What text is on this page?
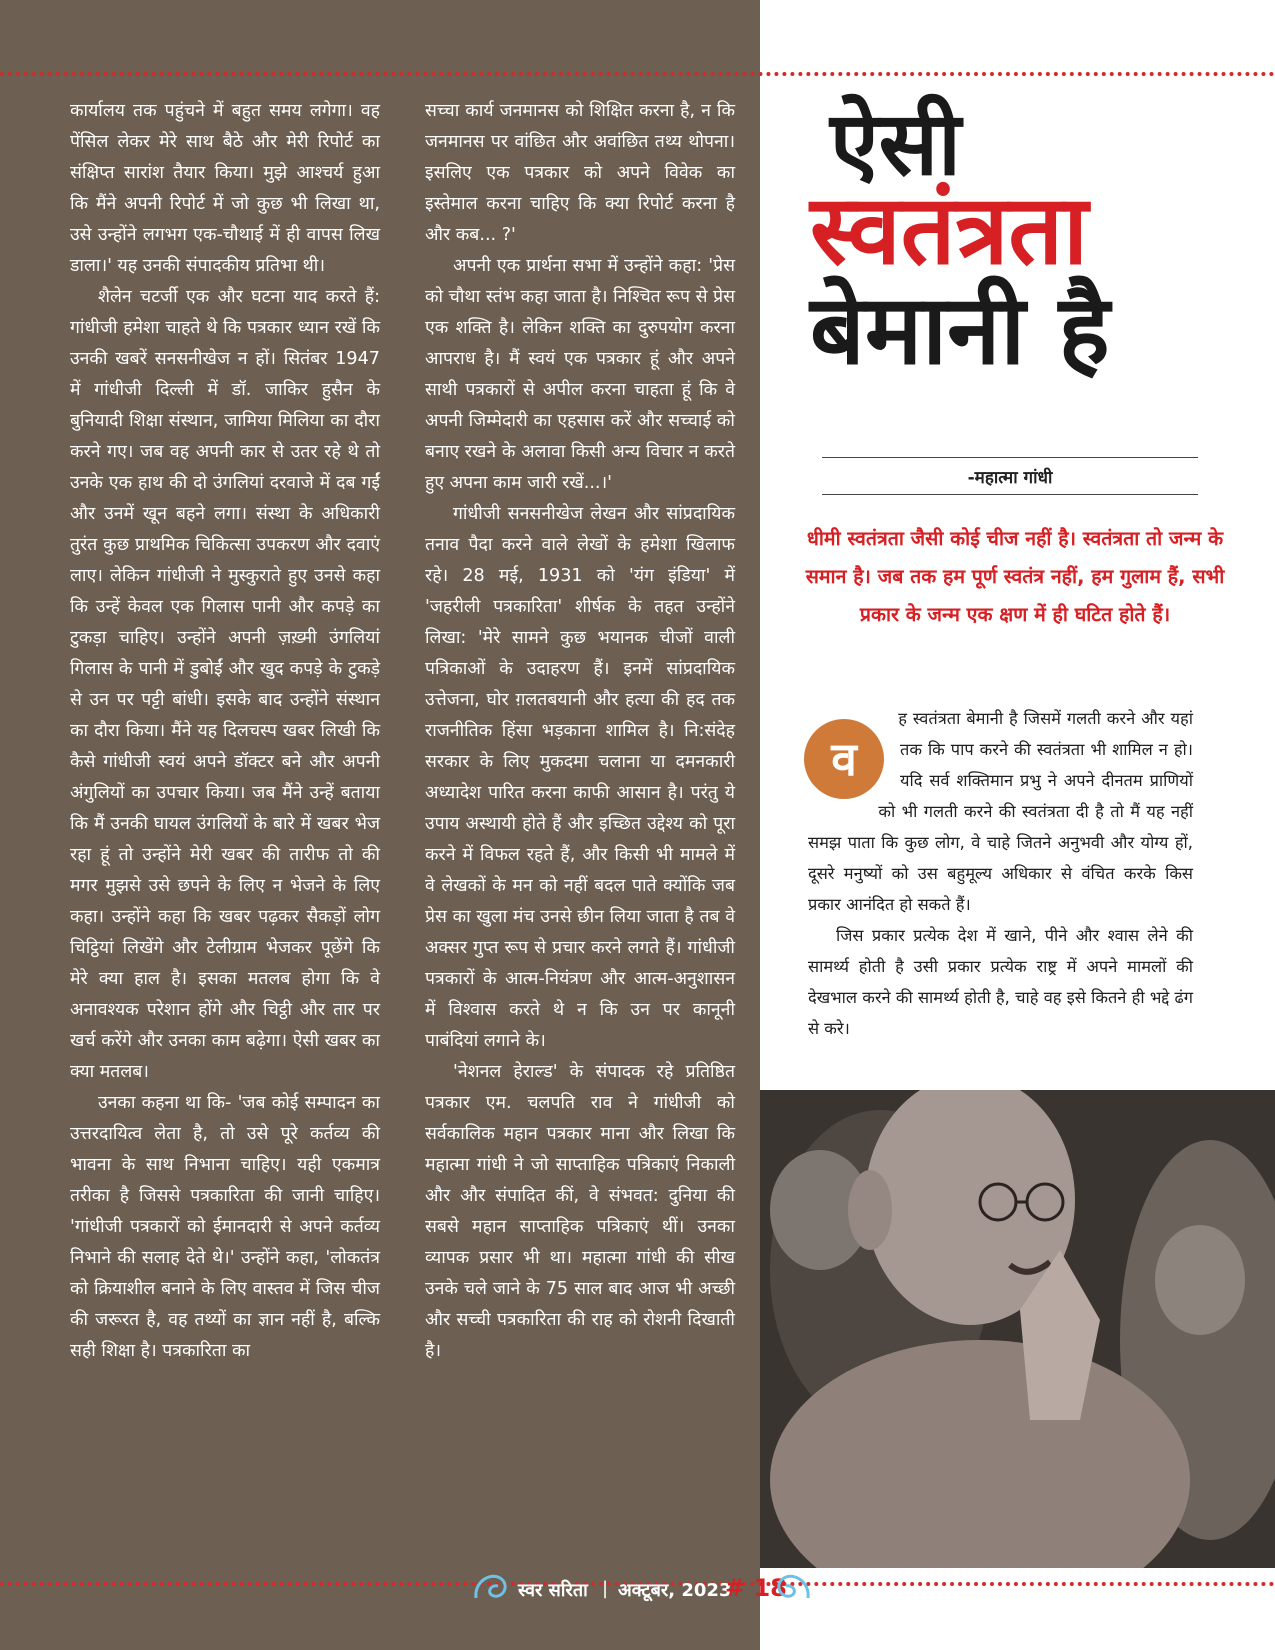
कार्यालय तक पहुंचने में बहुत समय लगेगा। वह पेंसिल लेकर मेरे साथ बैठे और मेरी रिपोर्ट का संक्षिप्त सारांश तैयार किया। मुझे आश्चर्य हुआ कि मैंने अपनी रिपोर्ट में जो कुछ भी लिखा था, उसे उन्होंने लगभग एक-चौथाई में ही वापस लिख डाला।' यह उनकी संपादकीय प्रतिभा थी।

शैलेन चटर्जी एक और घटना याद करते हैं: गांधीजी हमेशा चाहते थे कि पत्रकार ध्यान रखें कि उनकी खबरें सनसनीखेज न हों। सितंबर 1947 में गांधीजी दिल्ली में डॉ. जाकिर हुसैन के बुनियादी शिक्षा संस्थान, जामिया मिलिया का दौरा करने गए। जब वह अपनी कार से उतर रहे थे तो उनके एक हाथ की दो उंगलियां दरवाजे में दब गईं और उनमें खून बहने लगा। संस्था के अधिकारी तुरंत कुछ प्राथमिक चिकित्सा उपकरण और दवाएं लाए। लेकिन गांधीजी ने मुस्कुराते हुए उनसे कहा कि उन्हें केवल एक गिलास पानी और कपड़े का टुकड़ा चाहिए। उन्होंने अपनी ज़ख़्मी उंगलियां गिलास के पानी में डुबोईं और खुद कपड़े के टुकड़े से उन पर पट्टी बांधी। इसके बाद उन्होंने संस्थान का दौरा किया। मैंने यह दिलचस्प खबर लिखी कि कैसे गांधीजी स्वयं अपने डॉक्टर बने और अपनी अंगुलियों का उपचार किया। जब मैंने उन्हें बताया कि मैं उनकी घायल उंगलियों के बारे में खबर भेज रहा हूं तो उन्होंने मेरी खबर की तारीफ तो की मगर मुझसे उसे छपने के लिए न भेजने के लिए कहा। उन्होंने कहा कि खबर पढ़कर सैकड़ों लोग चिट्ठियां लिखेंगे और टेलीग्राम भेजकर पूछेंगे कि मेरे क्या हाल है। इसका मतलब होगा कि वे अनावश्यक परेशान होंगे और चिट्ठी और तार पर खर्च करेंगे और उनका काम बढ़ेगा। ऐसी खबर का क्या मतलब।

उनका कहना था कि- 'जब कोई सम्पादन का उत्तरदायित्व लेता है, तो उसे पूरे कर्तव्य की भावना के साथ निभाना चाहिए। यही एकमात्र तरीका है जिससे पत्रकारिता की जानी चाहिए। 'गांधीजी पत्रकारों को ईमानदारी से अपने कर्तव्य निभाने की सलाह देते थे।' उन्होंने कहा, 'लोकतंत्र को क्रियाशील बनाने के लिए वास्तव में जिस चीज की जरूरत है, वह तथ्यों का ज्ञान नहीं है, बल्कि सही शिक्षा है। पत्रकारिता का

सच्चा कार्य जनमानस को शिक्षित करना है, न कि जनमानस पर वांछित और अवांछित तथ्य थोपना। इसलिए एक पत्रकार को अपने विवेक का इस्तेमाल करना चाहिए कि क्या रिपोर्ट करना है और कब... ?'

अपनी एक प्रार्थना सभा में उन्होंने कहा: 'प्रेस को चौथा स्तंभ कहा जाता है। निश्चित रूप से प्रेस एक शक्ति है। लेकिन शक्ति का दुरुपयोग करना आपराध है। मैं स्वयं एक पत्रकार हूं और अपने साथी पत्रकारों से अपील करना चाहता हूं कि वे अपनी जिम्मेदारी का एहसास करें और सच्चाई को बनाए रखने के अलावा किसी अन्य विचार न करते हुए अपना काम जारी रखें...।'

गांधीजी सनसनीखेज लेखन और सांप्रदायिक तनाव पैदा करने वाले लेखों के हमेशा खिलाफ रहे। 28 मई, 1931 को 'यंग इंडिया' में 'जहरीली पत्रकारिता' शीर्षक के तहत उन्होंने लिखा: 'मेरे सामने कुछ भयानक चीजों वाली पत्रिकाओं के उदाहरण हैं। इनमें सांप्रदायिक उत्तेजना, घोर ग़लतबयानी और हत्या की हद तक राजनीतिक हिंसा भड़काना शामिल है। नि:संदेह सरकार के लिए मुकदमा चलाना या दमनकारी अध्यादेश पारित करना काफी आसान है। परंतु ये उपाय अस्थायी होते हैं और इच्छित उद्देश्य को पूरा करने में विफल रहते हैं, और किसी भी मामले में वे लेखकों के मन को नहीं बदल पाते क्योंकि जब प्रेस का खुला मंच उनसे छीन लिया जाता है तब वे अक्सर गुप्त रूप से प्रचार करने लगते हैं। गांधीजी पत्रकारों के आत्म-नियंत्रण और आत्म-अनुशासन में विश्वास करते थे न कि उन पर कानूनी पाबंदियां लगाने के।

'नेशनल हेराल्ड' के संपादक रहे प्रतिष्ठित पत्रकार एम. चलपति राव ने गांधीजी को सर्वकालिक महान पत्रकार माना और लिखा कि महात्मा गांधी ने जो साप्ताहिक पत्रिकाएं निकाली और और संपादित कीं, वे संभवत: दुनिया की सबसे महान साप्ताहिक पत्रिकाएं थीं। उनका व्यापक प्रसार भी था। महात्मा गांधी की सीख उनके चले जाने के 75 साल बाद आज भी अच्छी और सच्ची पत्रकारिता की राह को रोशनी दिखाती है।

ऐसी
स्वतंत्रता
बेमानी है
-महात्मा गांधी
धीमी स्वतंत्रता जैसी कोई चीज नहीं है। स्वतंत्रता तो जन्म के समान है। जब तक हम पूर्ण स्वतंत्र नहीं, हम गुलाम हैं, सभी प्रकार के जन्म एक क्षण में ही घटित होते हैं।
व

ह स्वतंत्रता बेमानी है जिसमें गलती करने और यहां तक कि पाप करने की स्वतंत्रता भी शामिल न हो। यदि सर्व शक्तिमान प्रभु ने अपने दीनतम प्राणियों को भी गलती करने की स्वतंत्रता दी है तो मैं यह नहीं समझ पाता कि कुछ लोग, वे चाहे जितने अनुभवी और योग्य हों, दूसरे मनुष्यों को उस बहुमूल्य अधिकार से वंचित करके किस प्रकार आनंदित हो सकते हैं।

जिस प्रकार प्रत्येक देश में खाने, पीने और श्वास लेने की सामर्थ्य होती है उसी प्रकार प्रत्येक राष्ट्र में अपने मामलों की देखभाल करने की सामर्थ्य होती है, चाहे वह इसे कितने ही भद्दे ढंग से करे।

स्वर सरिता | अक्टूबर, 2023
# 18
